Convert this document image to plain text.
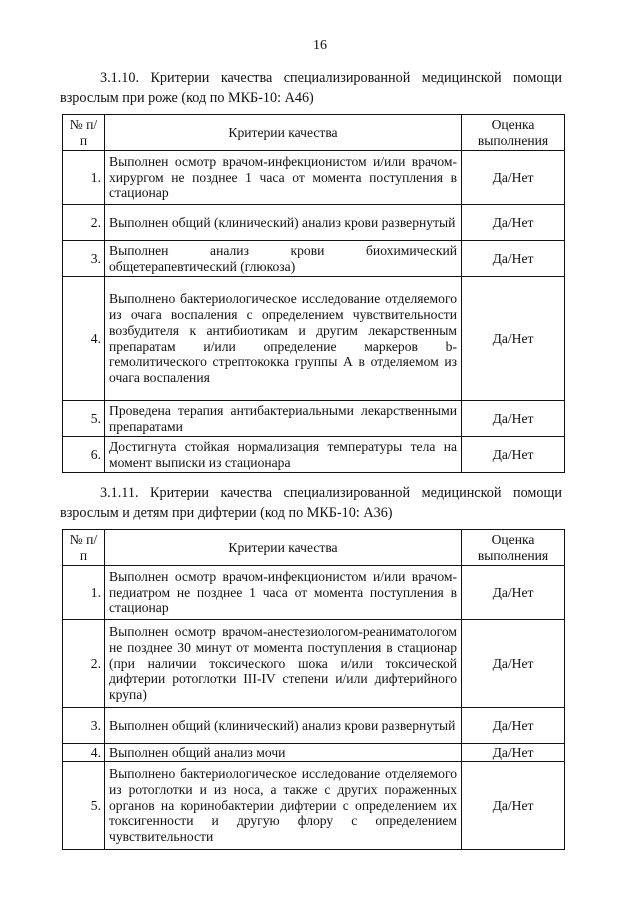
16
3.1.10. Критерии качества специализированной медицинской помощи взрослым при роже (код по МКБ-10: А46)
№ п/п	Критерии качества	Оценка выполнения
1.	Выполнен осмотр врачом-инфекционистом и/или врачом-хирургом не позднее 1 часа от момента поступления в стационар	Да/Нет
2.	Выполнен общий (клинический) анализ крови развернутый	Да/Нет
3.	Выполнен анализ крови биохимический общетерапевтический (глюкоза)	Да/Нет
4.	Выполнено бактериологическое исследование отделяемого из очага воспаления с определением чувствительности возбудителя к антибиотикам и другим лекарственным препаратам и/или определение маркеров b-гемолитического стрептококка группы А в отделяемом из очага воспаления	Да/Нет
5.	Проведена терапия антибактериальными лекарственными препаратами	Да/Нет
6.	Достигнута стойкая нормализация температуры тела на момент выписки из стационара	Да/Нет
3.1.11. Критерии качества специализированной медицинской помощи взрослым и детям при дифтерии (код по МКБ-10: А36)
№ п/п	Критерии качества	Оценка выполнения
1.	Выполнен осмотр врачом-инфекционистом и/или врачом-педиатром не позднее 1 часа от момента поступления в стационар	Да/Нет
2.	Выполнен осмотр врачом-анестезиологом-реаниматологом не позднее 30 минут от момента поступления в стационар (при наличии токсического шока и/или токсической дифтерии ротоглотки III-IV степени и/или дифтерийного крупа)	Да/Нет
3.	Выполнен общий (клинический) анализ крови развернутый	Да/Нет
4.	Выполнен общий анализ мочи	Да/Нет
5.	Выполнено бактериологическое исследование отделяемого из ротоглотки и из носа, а также с других пораженных органов на коринобактерии дифтерии с определением их токсигенности и другую флору с определением чувствительности	Да/Нет
